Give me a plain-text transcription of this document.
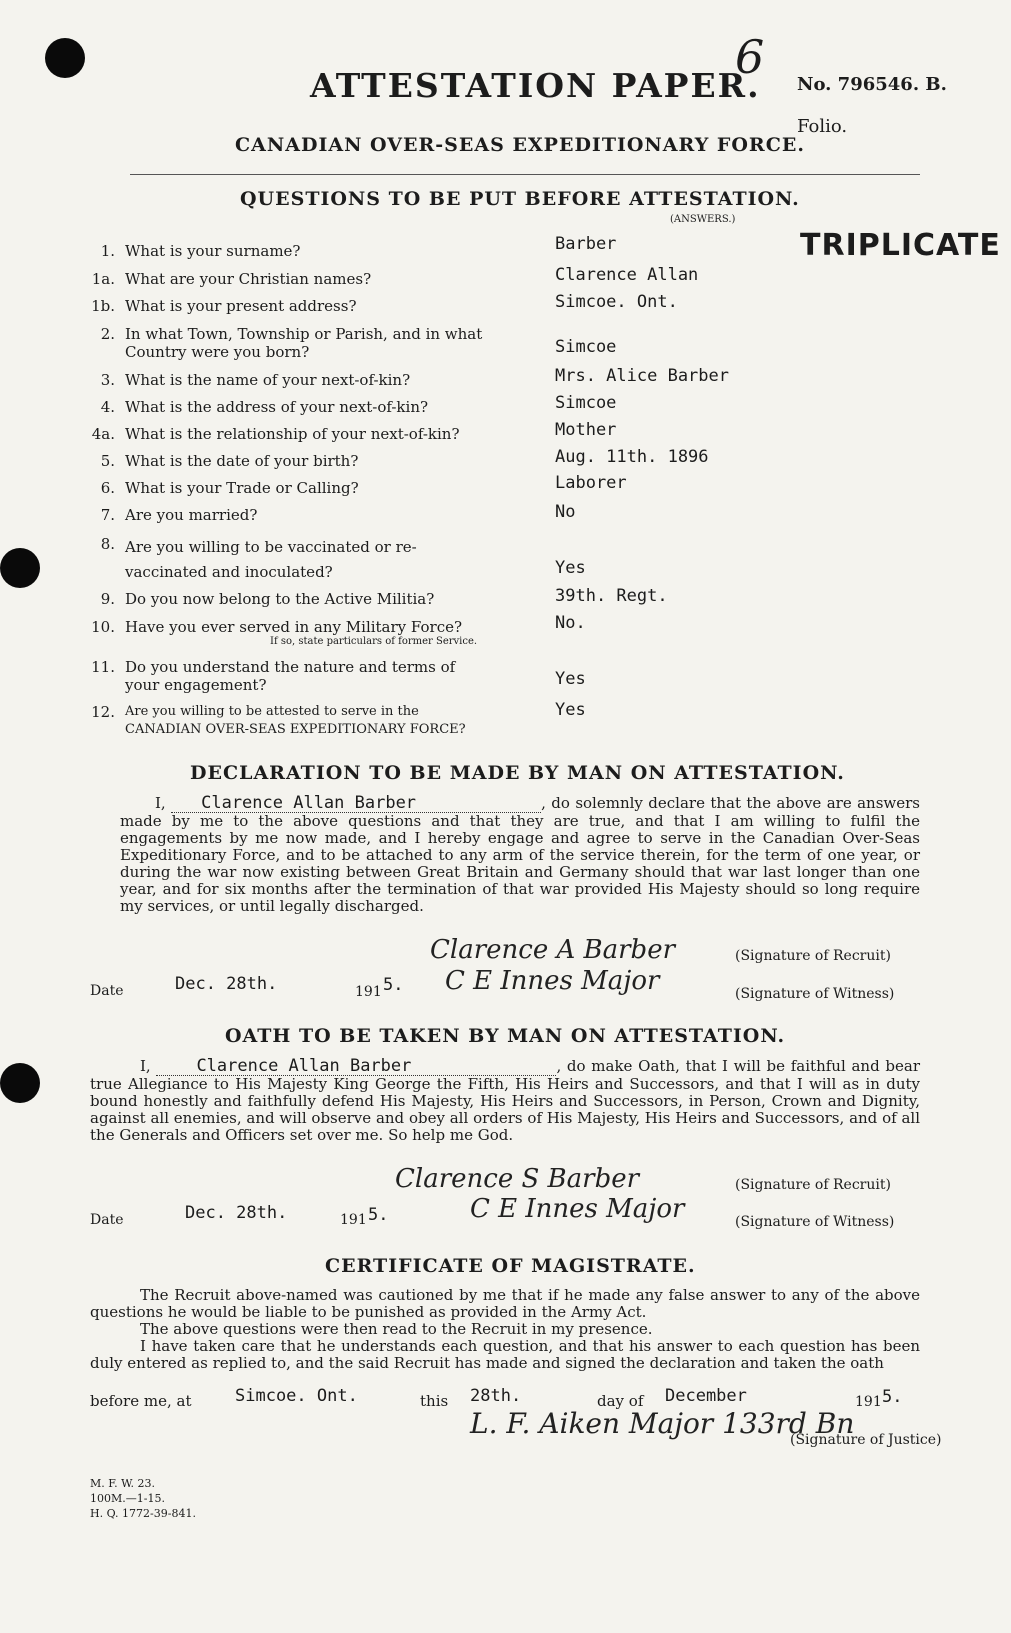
ATTESTATION PAPER.
6
No. 796546. B.
Folio.
CANADIAN OVER-SEAS EXPEDITIONARY FORCE.
QUESTIONS TO BE PUT BEFORE ATTESTATION.
(ANSWERS.)
TRIPLICATE
1. What is your surname?	Barber
1a. What are your Christian names?	Clarence Allan
1b. What is your present address?	Simcoe. Ont.
2. In what Town, Township or Parish, and in what Country were you born?	Simcoe
3. What is the name of your next-of-kin?	Mrs. Alice Barber
4. What is the address of your next-of-kin?	Simcoe
4a. What is the relationship of your next-of-kin?	Mother
5. What is the date of your birth?	Aug. 11th. 1896
6. What is your Trade or Calling?	Laborer
7. Are you married?	No
8. Are you willing to be vaccinated or re-vaccinated and inoculated?	Yes
9. Do you now belong to the Active Militia?	39th. Regt.
10. Have you ever served in any Military Force?
If so, state particulars of former Service.
No.
11. Do you understand the nature and terms of your engagement?	Yes
12. Are you willing to be attested to serve in the CANADIAN OVER-SEAS EXPEDITIONARY FORCE?
Yes
DECLARATION TO BE MADE BY MAN ON ATTESTATION.
I, Clarence Allan Barber	, do solemnly declare that the above are answers made by me to the above questions and that they are true, and that I am willing to fulfil the engagements by me now made, and I hereby engage and agree to serve in the Canadian Over-Seas Expeditionary Force, and to be attached to any arm of the service therein, for the term of one year, or during the war now existing between Great Britain and Germany should that war last longer than one year, and for six months after the termination of that war provided His Majesty should so long require my services, or until legally discharged.
Clarence A Barber	(Signature of Recruit)
Date	Dec. 28th.	191 5. C E Innes Major	(Signature of Witness)
OATH TO BE TAKEN BY MAN ON ATTESTATION.
I,	Clarence Allan Barber	, do make Oath, that I will be faithful and bear true Allegiance to His Majesty King George the Fifth, His Heirs and Successors, and that I will as in duty bound honestly and faithfully defend His Majesty, His Heirs and Successors, in Person, Crown and Dignity, against all enemies, and will observe and obey all orders of His Majesty, His Heirs and Successors, and of all the Generals and Officers set over me. So help me God.
Clarence S Barber	(Signature of Recruit)
Date	Dec. 28th.	191 5.	C E Innes Major	(Signature of Witness)
CERTIFICATE OF MAGISTRATE.
The Recruit above-named was cautioned by me that if he made any false answer to any of the above questions he would be liable to be punished as provided in the Army Act.
The above questions were then read to the Recruit in my presence.
I have taken care that he understands each question, and that his answer to each question has been duly entered as replied to, and the said Recruit has made and signed the declaration and taken the oath
before me, at	Simcoe. Ont.	this 28th.	day of December	191 5.
L. F. Aiken Major 133rd Bn
(Signature of Justice)
M. F. W. 23.
100M.—1-15.
H. Q. 1772-39-841.
